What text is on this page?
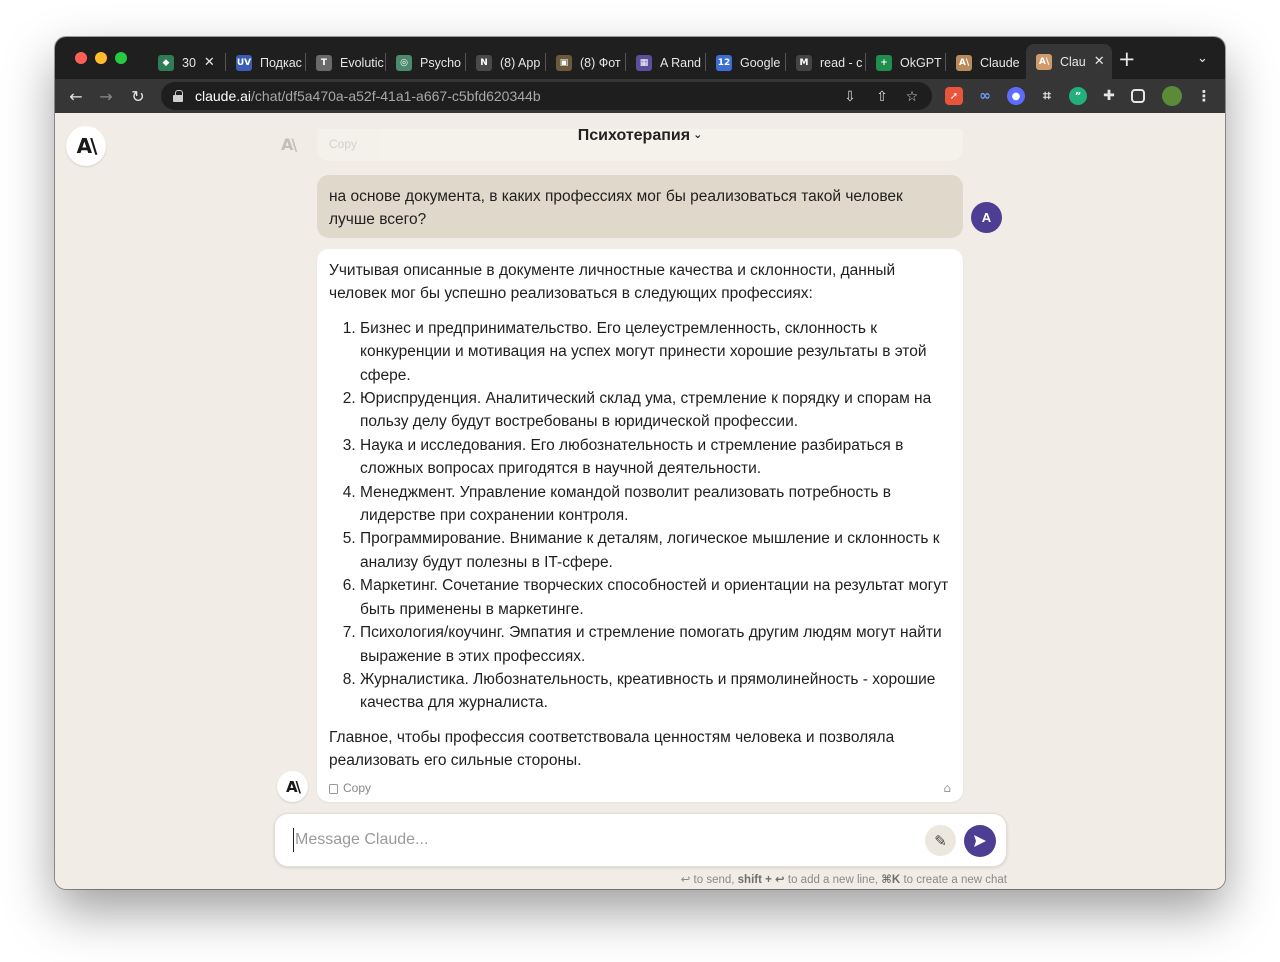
◆	30 ✕ UV Подкас	T	Evolutic	◎ Psycho	N (8) App	▣ (8) Фот	▦ A Rand 12 Google	M read - c	+ OkGPT	A\ Claude	A\ Clau ✕ +	⌄
← → ↻	claude.ai/chat/df5a470a-a52f-41a1-a667-c5bfd620344b	⇩ ⇧ ☆	➚	∞	●	⌗	”	✚	⋮
A\	A\	Copy	Психотерапия ⌄
на основе документа, в каких профессиях мог бы реализоваться такой человек лучше всего?	A

Учитывая описанные в документе личностные качества и склонности, данный человек мог бы успешно реализоваться в следующих профессиях:

1. Бизнес и предпринимательство. Его целеустремленность, склонность к конкуренции и мотивация на успех могут принести хорошие результаты в этой сфере.
2. Юриспруденция. Аналитический склад ума, стремление к порядку и спорам на пользу делу будут востребованы в юридической профессии.
3. Наука и исследования. Его любознательность и стремление разбираться в сложных вопросах пригодятся в научной деятельности.
4. Менеджмент. Управление командой позволит реализовать потребность в лидерстве при сохранении контроля.
5. Программирование. Внимание к деталям, логическое мышление и склонность к анализу будут полезны в IT-сфере.
6. Маркетинг. Сочетание творческих способностей и ориентации на результат могут быть применены в маркетинге.
7. Психология/коучинг. Эмпатия и стремление помогать другим людям могут найти выражение в этих профессиях.
8. Журналистика. Любознательность, креативность и прямолинейность - хорошие качества для журналиста.

Главное, чтобы профессия соответствовала ценностям человека и позволяла реализовать его сильные стороны.

Copy	⌂
A\
Message Claude...
✎
↩ to send, shift + ↩ to add a new line, ⌘K to create a new chat
